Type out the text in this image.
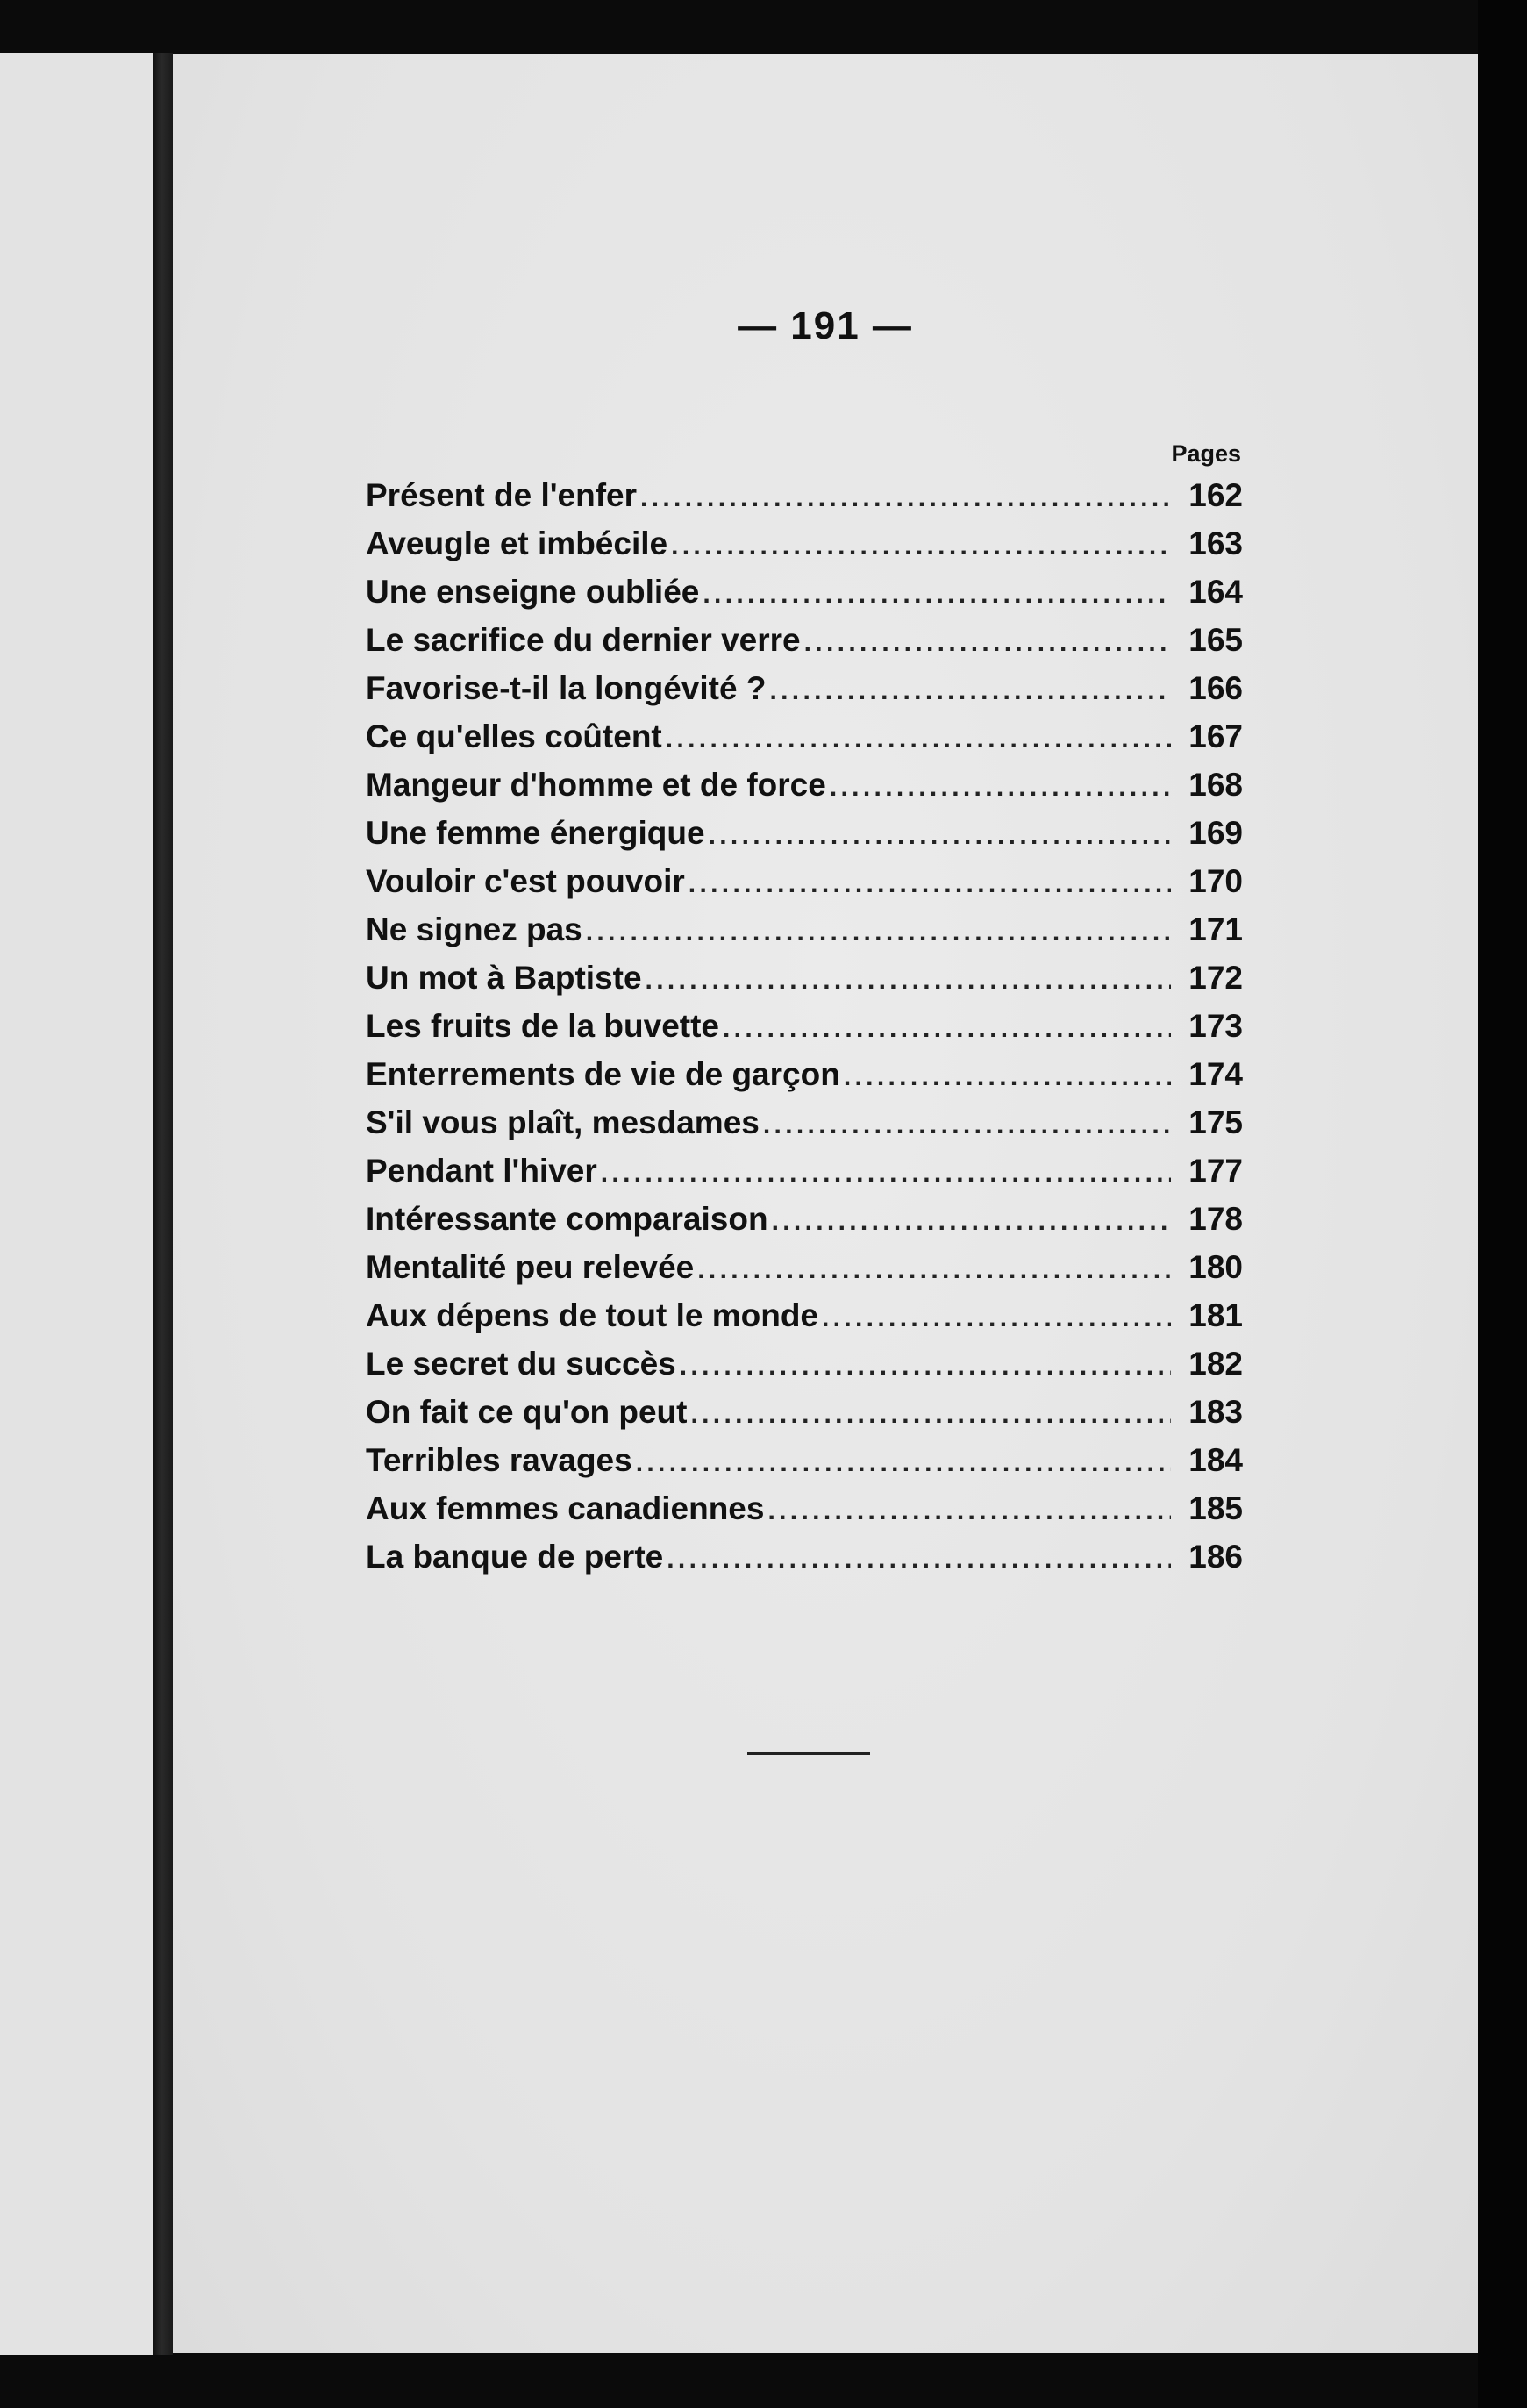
— 191 —
Pages
Présent de l'enfer . . .	162
Aveugle et imbécile . . .	163
Une enseigne oubliée . . .	164
Le sacrifice du dernier verre . . .	165
Favorise-t-il la longévité ? . . .	166
Ce qu'elles coûtent . . .	167
Mangeur d'homme et de force . . .	168
Une femme énergique . . .	169
Vouloir c'est pouvoir . . .	170
Ne signez pas . . .	171
Un mot à Baptiste . . .	172
Les fruits de la buvette . . .	173
Enterrements de vie de garçon . . .	174
S'il vous plaît, mesdames . . .	175
Pendant l'hiver . . .	177
Intéressante comparaison . . .	178
Mentalité peu relevée . . .	180
Aux dépens de tout le monde . . .	181
Le secret du succès . . .	182
On fait ce qu'on peut . . .	183
Terribles ravages . . .	184
Aux femmes canadiennes . . .	185
La banque de perte . . .	186
